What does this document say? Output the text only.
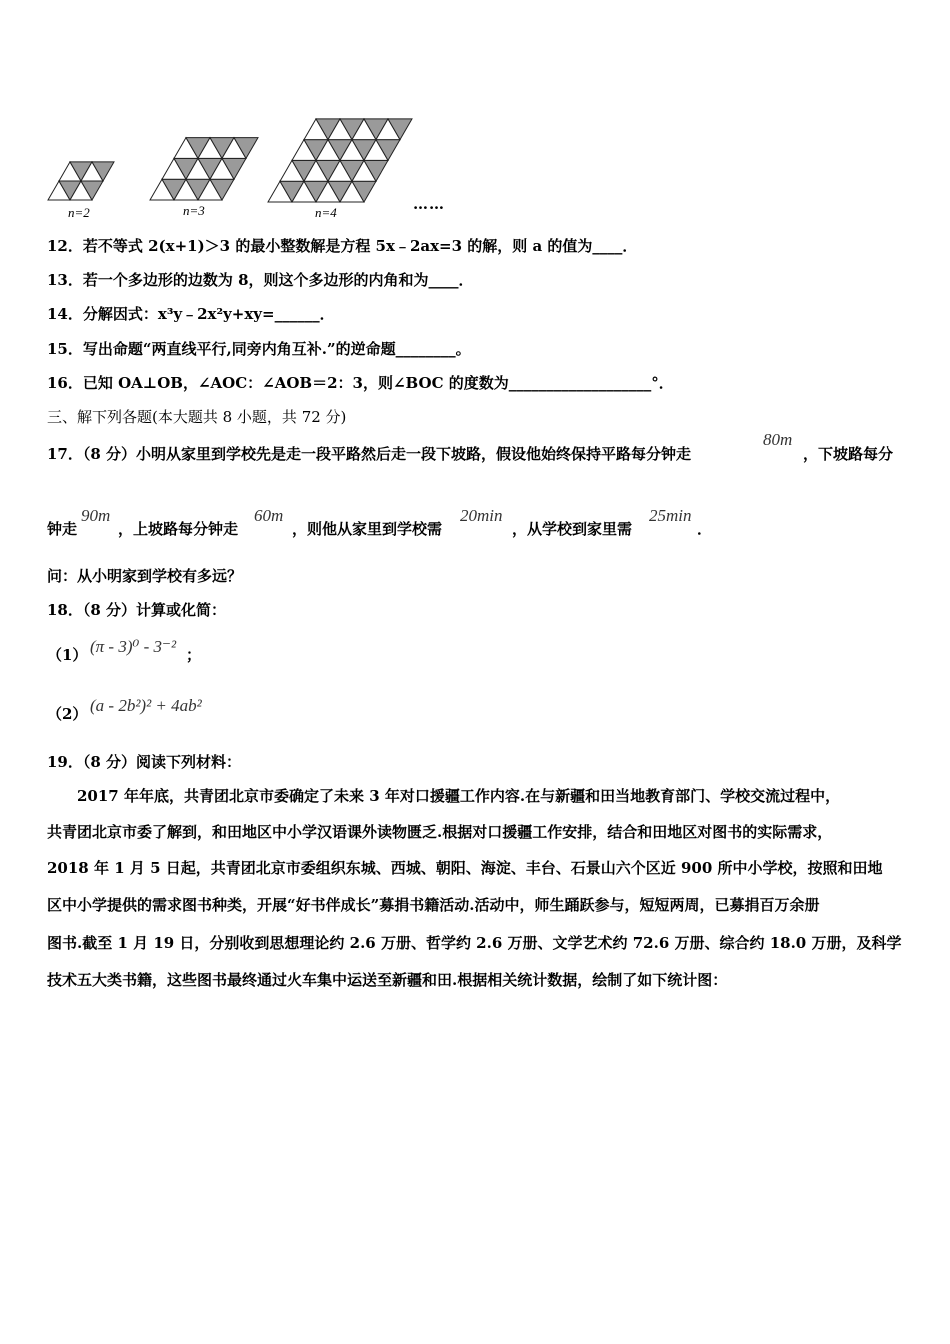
n=2	n=3	n=4	……
12．若不等式 2(x+1)＞3 的最小整数解是方程 5x﹣2ax=3 的解，则 a 的值为____．
13．若一个多边形的边数为 8，则这个多边形的内角和为____．
14．分解因式：x³y﹣2x²y+xy=______．
15．写出命题“两直线平行,同旁内角互补.”的逆命题________。
16．已知 OA⊥OB，∠AOC：∠AOB＝2：3，则∠BOC 的度数为___________________°．
三、解下列各题(本大题共 8 小题，共 72 分)
17．（8 分）小明从家里到学校先是走一段平路然后走一段下坡路，假设他始终保持平路每分钟走
80m
，下坡路每分
钟走
90m
，上坡路每分钟走
60m
，则他从家里到学校需
20min
，从学校到家里需
25min
．
问：从小明家到学校有多远？
18．（8 分）计算或化简：
（1） (π - 3)⁰ - 3⁻² ；
（2） (a - 2b²)² + 4ab²
19．（8 分）阅读下列材料：
2017 年年底，共青团北京市委确定了未来 3 年对口援疆工作内容.在与新疆和田当地教育部门、学校交流过程中，
共青团北京市委了解到，和田地区中小学汉语课外读物匮乏.根据对口援疆工作安排，结合和田地区对图书的实际需求，
2018 年 1 月 5 日起，共青团北京市委组织东城、西城、朝阳、海淀、丰台、石景山六个区近 900 所中小学校，按照和田地
区中小学提供的需求图书种类，开展“好书伴成长”募捐书籍活动.活动中，师生踊跃参与，短短两周，已募捐百万余册
图书.截至 1 月 19 日，分别收到思想理论约 2.6 万册、哲学约 2.6 万册、文学艺术约 72.6 万册、综合约 18.0 万册，及科学
技术五大类书籍，这些图书最终通过火车集中运送至新疆和田.根据相关统计数据，绘制了如下统计图：
